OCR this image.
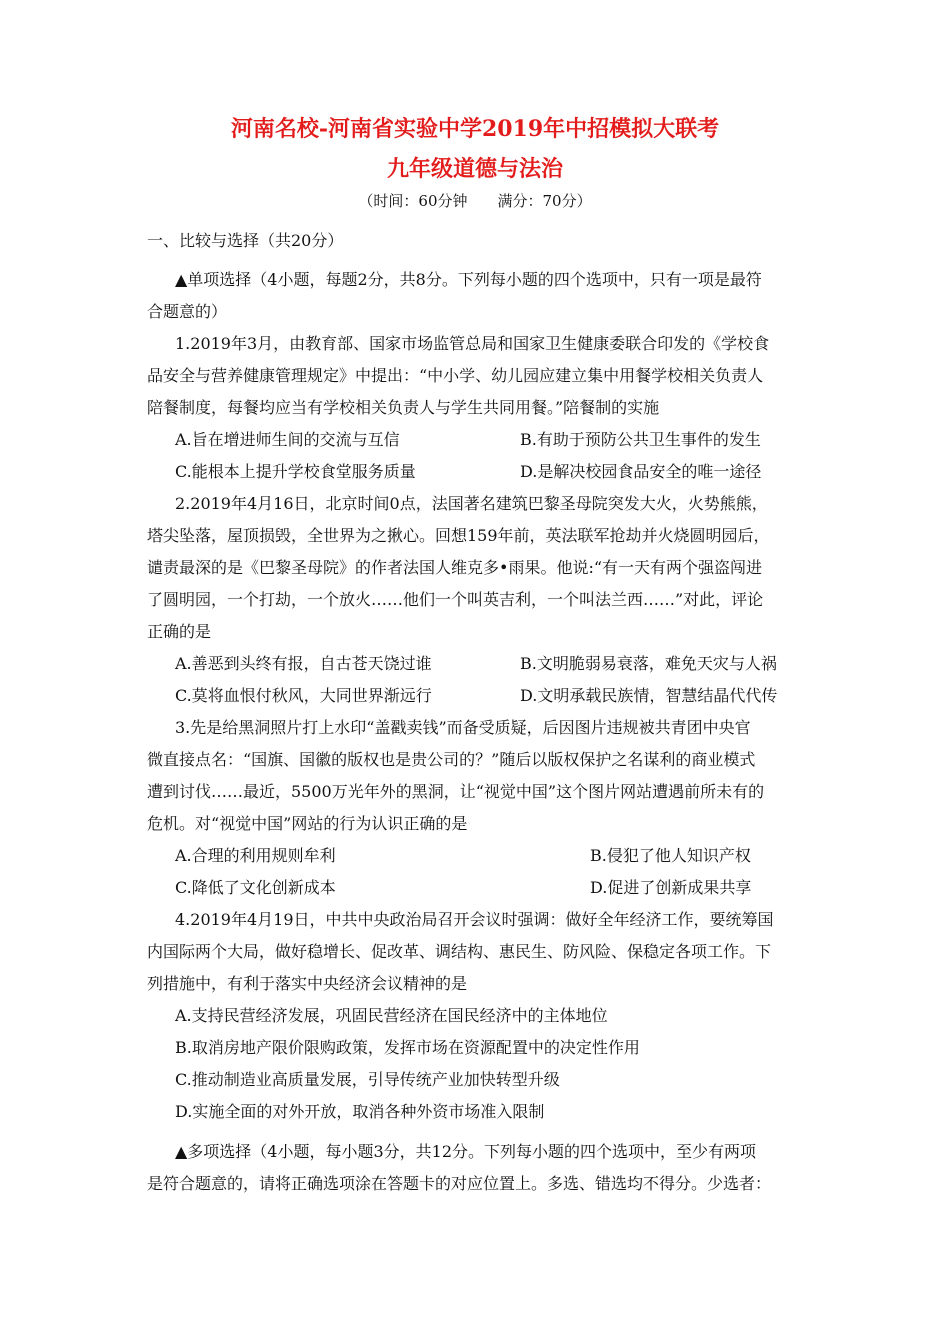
河南名校-河南省实验中学2019年中招模拟大联考
九年级道德与法治
（时间：60分钟　　满分：70分）
一、比较与选择（共20分）
▲单项选择（4小题，每题2分，共8分。下列每小题的四个选项中，只有一项是最符
合题意的）
1.2019年3月，由教育部、国家市场监管总局和国家卫生健康委联合印发的《学校食
品安全与营养健康管理规定》中提出：“中小学、幼儿园应建立集中用餐学校相关负责人
陪餐制度，每餐均应当有学校相关负责人与学生共同用餐。”陪餐制的实施
A.旨在增进师生间的交流与互信	B.有助于预防公共卫生事件的发生
C.能根本上提升学校食堂服务质量	D.是解决校园食品安全的唯一途径
2.2019年4月16日，北京时间0点，法国著名建筑巴黎圣母院突发大火，火势熊熊，
塔尖坠落，屋顶损毁，全世界为之揪心。回想159年前，英法联军抢劫并火烧圆明园后，
谴责最深的是《巴黎圣母院》的作者法国人维克多•雨果。他说:“有一天有两个强盗闯进
了圆明园，一个打劫，一个放火……他们一个叫英吉利，一个叫法兰西……”对此，评论
正确的是
A.善恶到头终有报，自古苍天饶过谁	B.文明脆弱易衰落，难免天灾与人祸
C.莫将血恨付秋风，大同世界渐远行	D.文明承载民族情，智慧结晶代代传
3.先是给黑洞照片打上水印“盖戳卖钱”而备受质疑，后因图片违规被共青团中央官
微直接点名：“国旗、国徽的版权也是贵公司的？”随后以版权保护之名谋利的商业模式
遭到讨伐……最近，5500万光年外的黑洞，让“视觉中国”这个图片网站遭遇前所未有的
危机。对“视觉中国”网站的行为认识正确的是
A.合理的利用规则牟利	B.侵犯了他人知识产权
C.降低了文化创新成本	D.促进了创新成果共享
4.2019年4月19日，中共中央政治局召开会议时强调：做好全年经济工作，要统筹国
内国际两个大局，做好稳增长、促改革、调结构、惠民生、防风险、保稳定各项工作。下
列措施中，有利于落实中央经济会议精神的是
A.支持民营经济发展，巩固民营经济在国民经济中的主体地位
B.取消房地产限价限购政策，发挥市场在资源配置中的决定性作用
C.推动制造业高质量发展，引导传统产业加快转型升级
D.实施全面的对外开放，取消各种外资市场准入限制
▲多项选择（4小题，每小题3分，共12分。下列每小题的四个选项中，至少有两项
是符合题意的，请将正确选项涂在答题卡的对应位置上。多选、错选均不得分。少选者：
